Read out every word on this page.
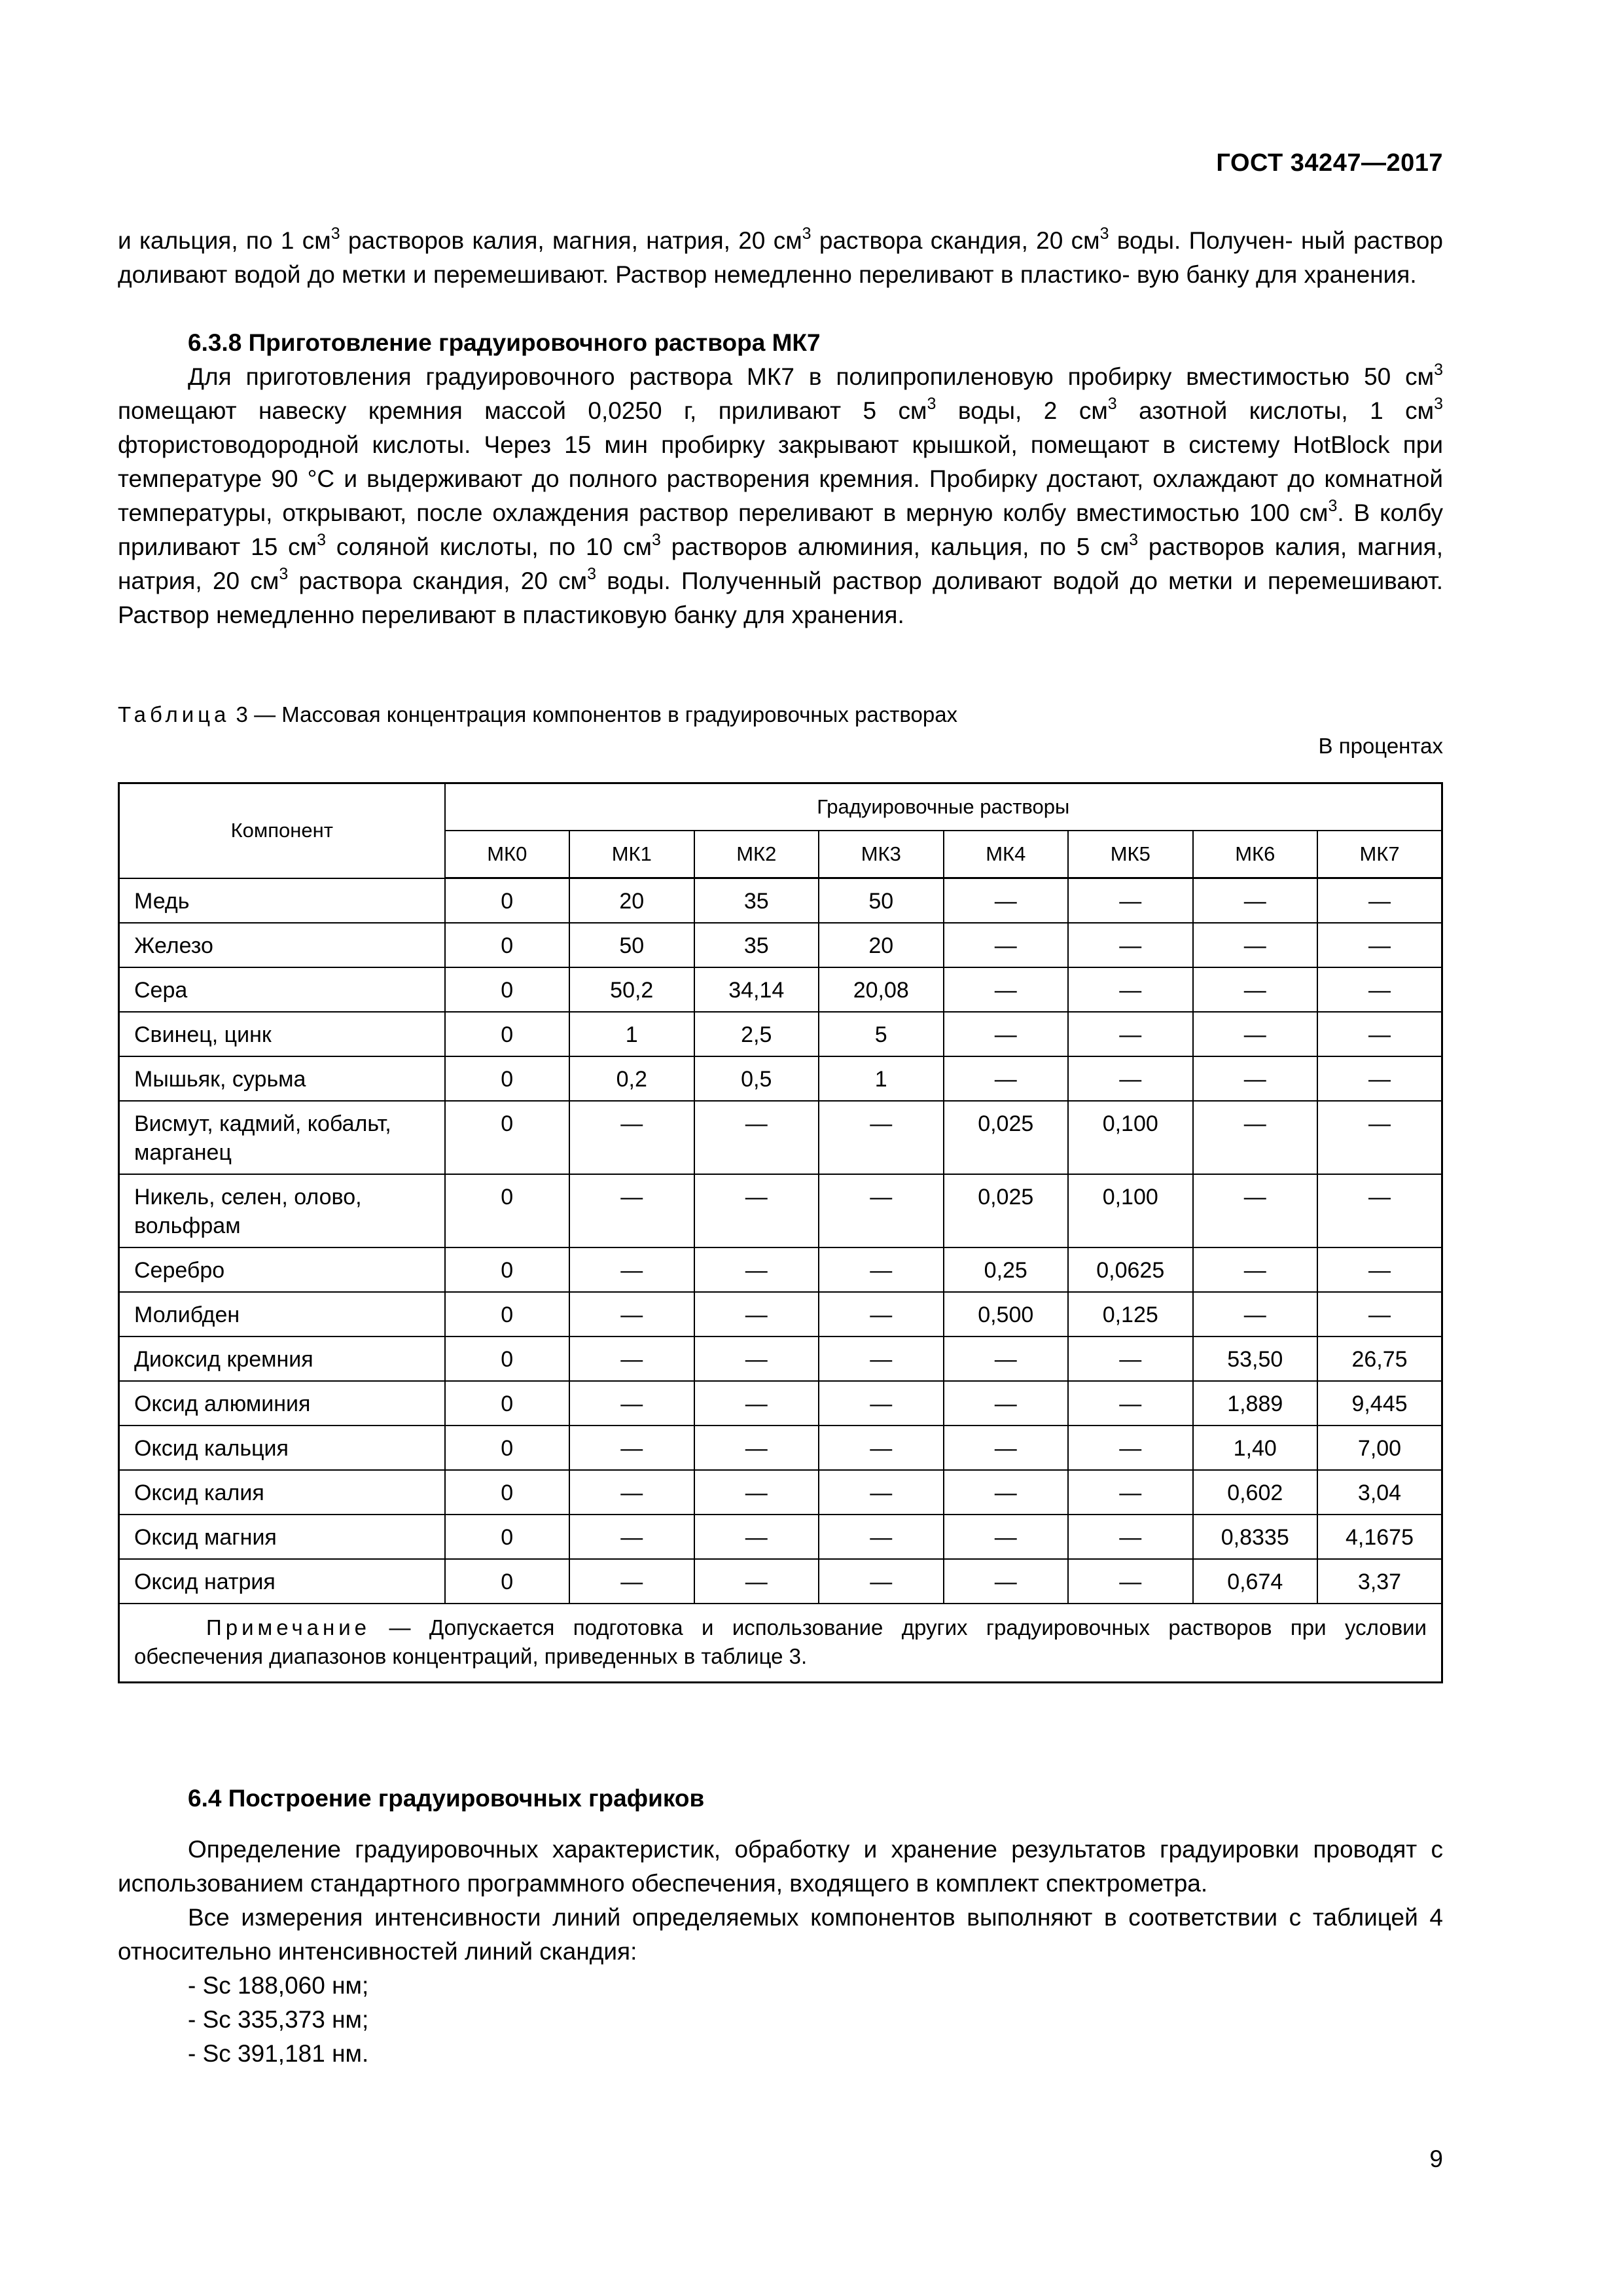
ГОСТ 34247—2017
и кальция, по 1 $см^3$ растворов калия, магния, натрия, 20 $см^3$ раствора скандия, 20 $см^3$ воды. Получен- ный раствор доливают водой до метки и перемешивают. Раствор немедленно переливают в пластико- вую банку для хранения.
6.3.8 Приготовление градуировочного раствора МК7
Для приготовления градуировочного раствора МК7 в полипропиленовую пробирку вместимостью 50 $см^3$ помещают навеску кремния массой 0,0250 г, приливают 5 $см^3$ воды, 2 $см^3$ азотной кислоты, 1 $см^3$ фтористоводородной кислоты. Через 15 мин пробирку закрывают крышкой, помещают в систему HotBlock при температуре 90 °С и выдерживают до полного растворения кремния. Пробирку достают, охлаждают до комнатной температуры, открывают, после охлаждения раствор переливают в мерную колбу вместимостью 100 $см^3$. В колбу приливают 15 $см^3$ соляной кислоты, по 10 $см^3$ растворов алюминия, кальция, по 5 $см^3$ растворов калия, магния, натрия, 20 $см^3$ раствора скандия, 20 $см^3$ воды. Полученный раствор доливают водой до метки и перемешивают. Раствор немедленно переливают в пластиковую банку для хранения.
Таблица 3 — Массовая концентрация компонентов в градуировочных растворах
В процентах
Компонент	Градуировочные растворы							
	МК0	МК1	МК2	МК3	МК4	МК5	МК6	МК7
Медь	0	20	35	50	—	—	—	—
Железо	0	50	35	20	—	—	—	—
Сера	0	50,2	34,14	20,08	—	—	—	—
Свинец, цинк	0	1	2,5	5	—	—	—	—
Мышьяк, сурьма	0	0,2	0,5	1	—	—	—	—
Висмут, кадмий, кобальт, марганец	0	—	—	—	0,025	0,100	—	—
Никель, селен, олово, вольфрам	0	—	—	—	0,025	0,100	—	—
Серебро	0	—	—	—	0,25	0,0625	—	—
Молибден	0	—	—	—	0,500	0,125	—	—
Диоксид кремния	0	—	—	—	—	—	53,50	26,75
Оксид алюминия	0	—	—	—	—	—	1,889	9,445
Оксид кальция	0	—	—	—	—	—	1,40	7,00
Оксид калия	0	—	—	—	—	—	0,602	3,04
Оксид магния	0	—	—	—	—	—	0,8335	4,1675
Оксид натрия	0	—	—	—	—	—	0,674	3,37
Примечание — Допускается подготовка и использование других градуировочных растворов при условии обеспечения диапазонов концентраций, приведенных в таблице 3.								
6.4 Построение градуировочных графиков
Определение градуировочных характеристик, обработку и хранение результатов градуировки проводят с использованием стандартного программного обеспечения, входящего в комплект спектрометра.
Все измерения интенсивности линий определяемых компонентов выполняют в соответствии с таблицей 4 относительно интенсивностей линий скандия:
- Sc 188,060 нм;
- Sc 335,373 нм;
- Sc 391,181 нм.
9
